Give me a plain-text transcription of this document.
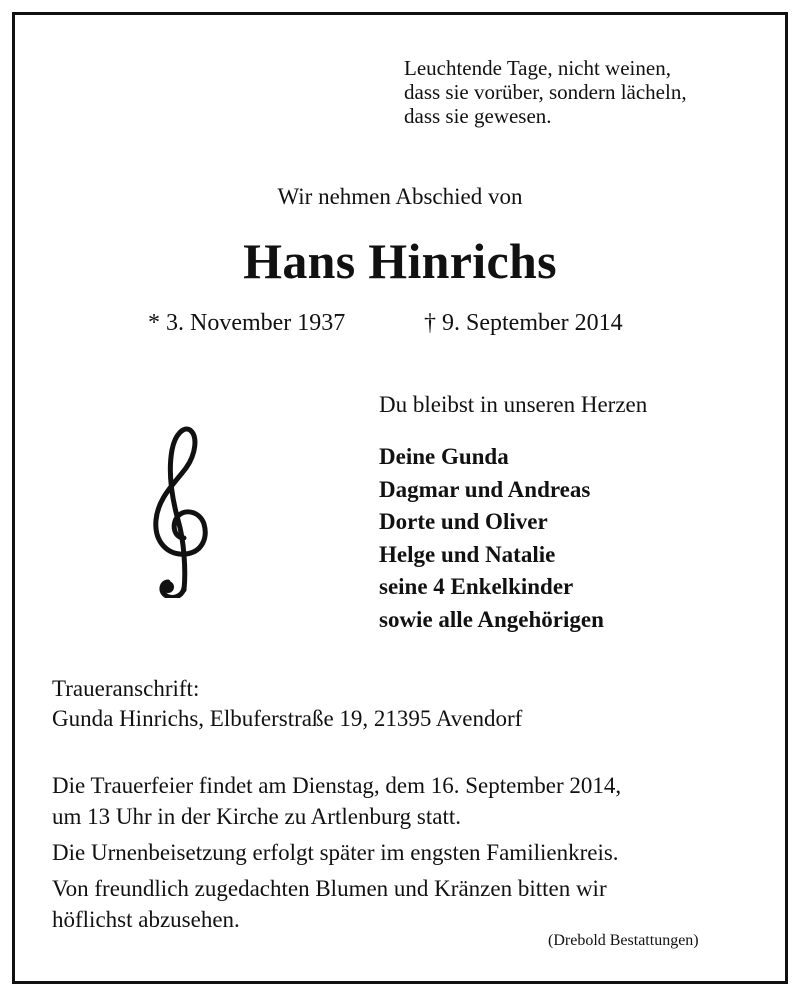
Leuchtende Tage, nicht weinen,
dass sie vorüber, sondern lächeln,
dass sie gewesen.
Wir nehmen Abschied von
Hans Hinrichs
* 3. November 1937	† 9. September 2014
Du bleibst in unseren Herzen
Deine Gunda
Dagmar und Andreas
Dorte und Oliver
Helge und Natalie
seine 4 Enkelkinder
sowie alle Angehörigen
Traueranschrift:
Gunda Hinrichs, Elbuferstraße 19, 21395 Avendorf
Die Trauerfeier findet am Dienstag, dem 16. September 2014,
um 13 Uhr in der Kirche zu Artlenburg statt.
Die Urnenbeisetzung erfolgt später im engsten Familienkreis.
Von freundlich zugedachten Blumen und Kränzen bitten wir
höflichst abzusehen.
(Drebold Bestattungen)
